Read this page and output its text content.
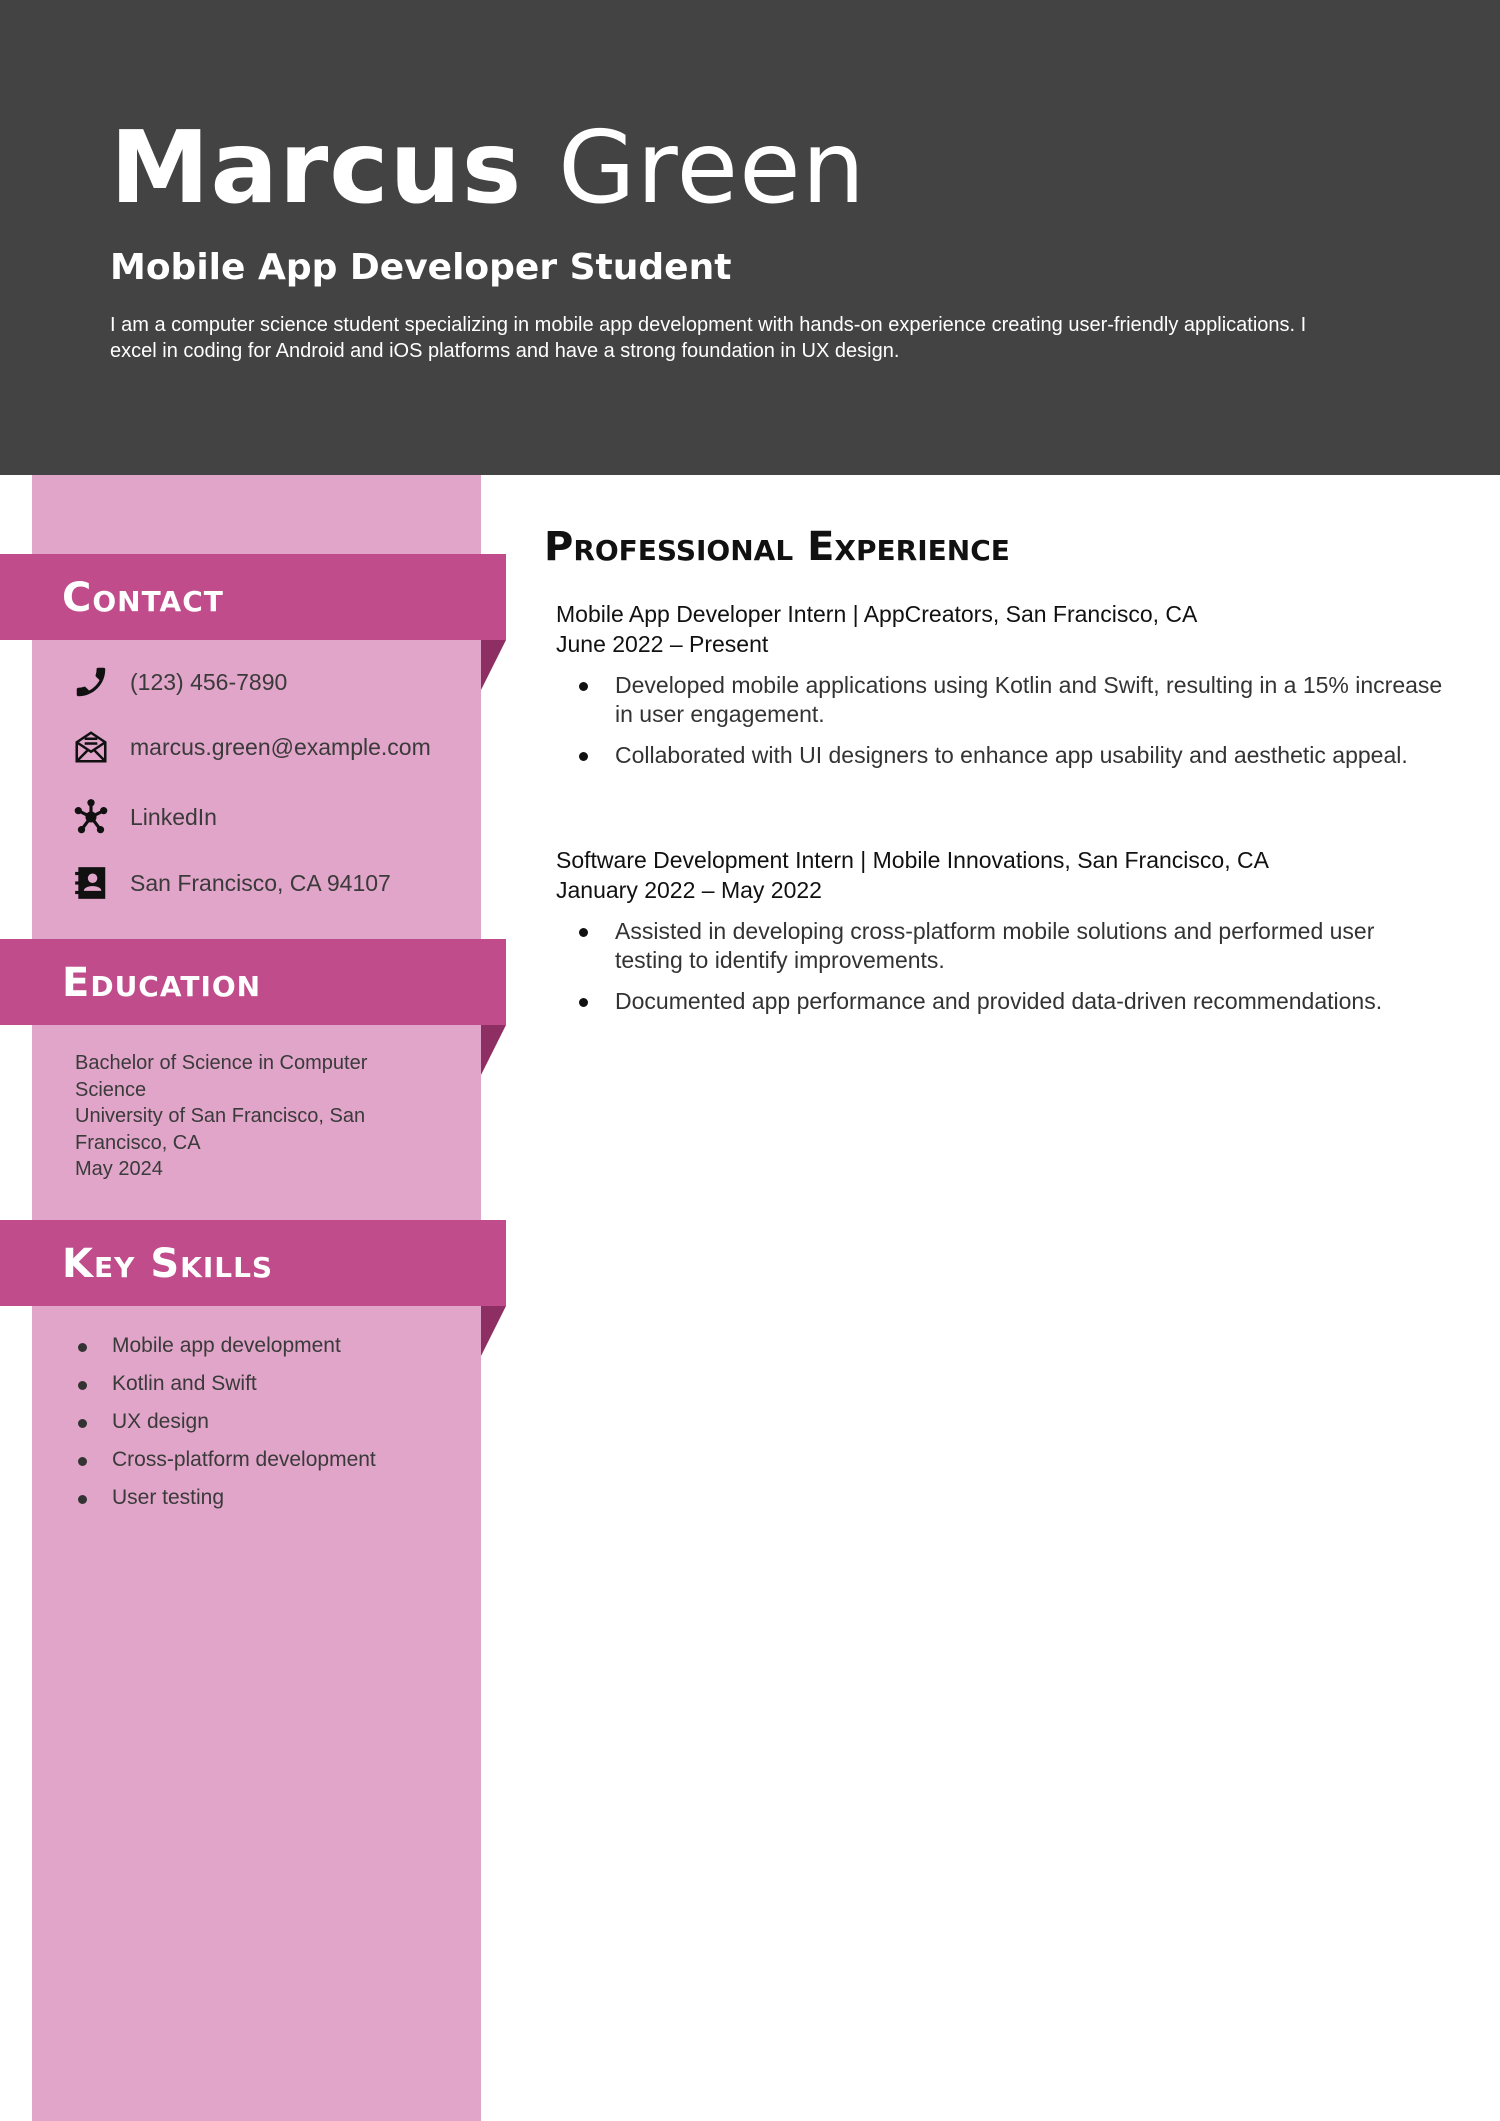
Marcus Green
Mobile App Developer Student

I am a computer science student specializing in mobile app development with hands-on experience creating user-friendly applications. I excel in coding for Android and iOS platforms and have a strong foundation in UX design.

Contact
(123) 456-7890
marcus.green@example.com
LinkedIn
San Francisco, CA 94107
Education
Bachelor of Science in Computer Science
University of San Francisco, San Francisco, CA
May 2024
Key Skills
Mobile app development
Kotlin and Swift
UX design
Cross-platform development
User testing
Professional Experience
Mobile App Developer Intern | AppCreators, San Francisco, CA
June 2022 – Present
Developed mobile applications using Kotlin and Swift, resulting in a 15% increase in user engagement.
Collaborated with UI designers to enhance app usability and aesthetic appeal.
Software Development Intern | Mobile Innovations, San Francisco, CA
January 2022 – May 2022
Assisted in developing cross-platform mobile solutions and performed user testing to identify improvements.
Documented app performance and provided data-driven recommendations.
